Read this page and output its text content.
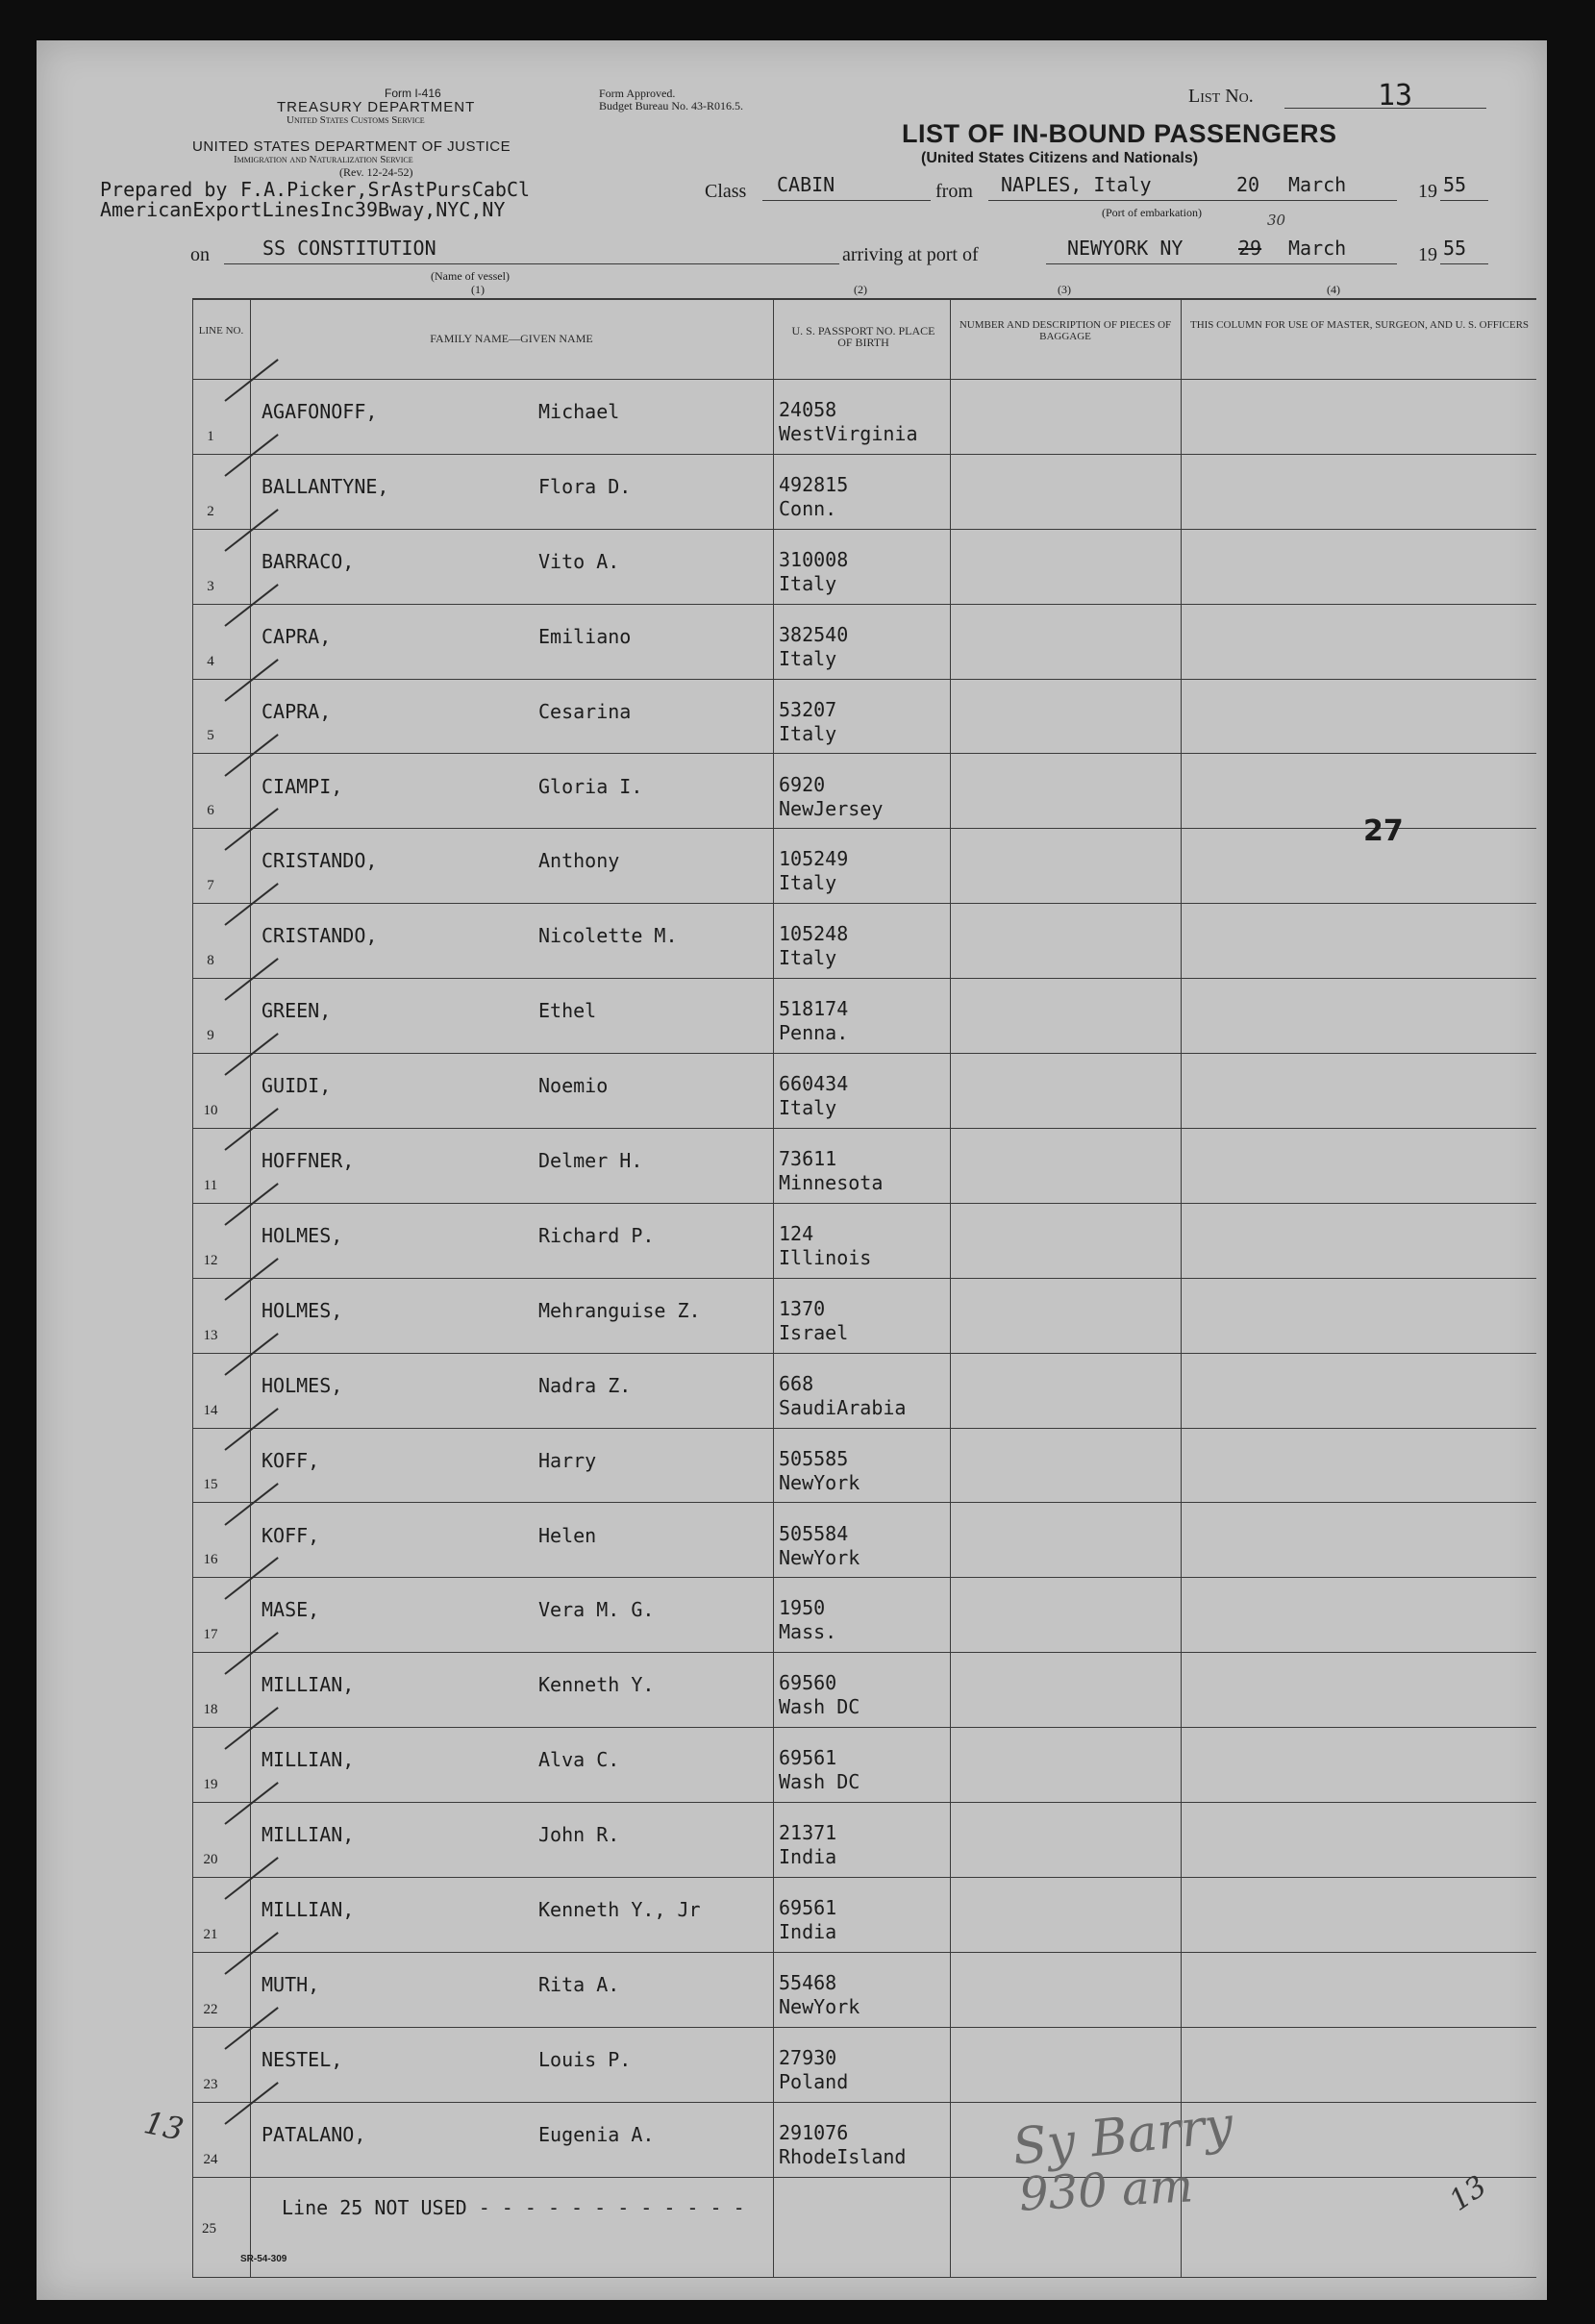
Form I-416
TREASURY DEPARTMENT
United States Customs Service
Form Approved.
Budget Bureau No. 43-R016.5.
UNITED STATES DEPARTMENT OF JUSTICE
Immigration and Naturalization Service
(Rev. 12-24-52)
List No.	13
LIST OF IN-BOUND PASSENGERS
(United States Citizens and Nationals)
Prepared by F.A.Picker,SrAstPursCabCl
AmericanExportLinesInc39Bway,NYC,NY
Class CABIN	from NAPLES, Italy	20 March	19 55
(Port of embarkation)	30
on	SS CONSTITUTION
(Name of vessel)
arriving at port of	NEWYORK NY	29 March	19 55
(1)	(2)	(3)	(4)
LINE NO.
FAMILY NAME—GIVEN NAME
U. S. PASSPORT NO. PLACE OF BIRTH
NUMBER AND DESCRIPTION OF PIECES OF BAGGAGE
THIS COLUMN FOR USE OF MASTER, SURGEON, AND U. S. OFFICERS
1
AGAFONOFF,	Michael	24058
WestVirginia
2
BALLANTYNE,	Flora D.	492815
Conn.
3
BARRACO,	Vito A.	310008
Italy
4
CAPRA,	Emiliano	382540
Italy
5
CAPRA,	Cesarina	53207
Italy
6
CIAMPI,	Gloria I.	6920
NewJersey
7
CRISTANDO,	Anthony	105249
Italy
8
CRISTANDO,	Nicolette M.	105248
Italy
9
GREEN,	Ethel	518174
Penna.
10
GUIDI,	Noemio	660434
Italy
11
HOFFNER,	Delmer H.	73611
Minnesota
12
HOLMES,	Richard P.	124
Illinois
13
HOLMES,	Mehranguise Z.	1370
Israel
14
HOLMES,	Nadra Z.	668
SaudiArabia
15
KOFF,	Harry	505585
NewYork
16
KOFF,	Helen	505584
NewYork
17
MASE,	Vera M. G.	1950
Mass.
18
MILLIAN,	Kenneth Y.	69560
Wash DC
19
MILLIAN,	Alva C.	69561
Wash DC
20
MILLIAN,	John R.	21371
India
21
MILLIAN,	Kenneth Y., Jr	69561
India
22
MUTH,	Rita A.	55468
NewYork
23
NESTEL,	Louis P.	27930
Poland
24
PATALANO,	Eugenia A.	291076
RhodeIsland
25
Line 25 NOT USED - - - - - - - - - - - -
SR-54-309
27
13
13
Sy Barry
930 am
